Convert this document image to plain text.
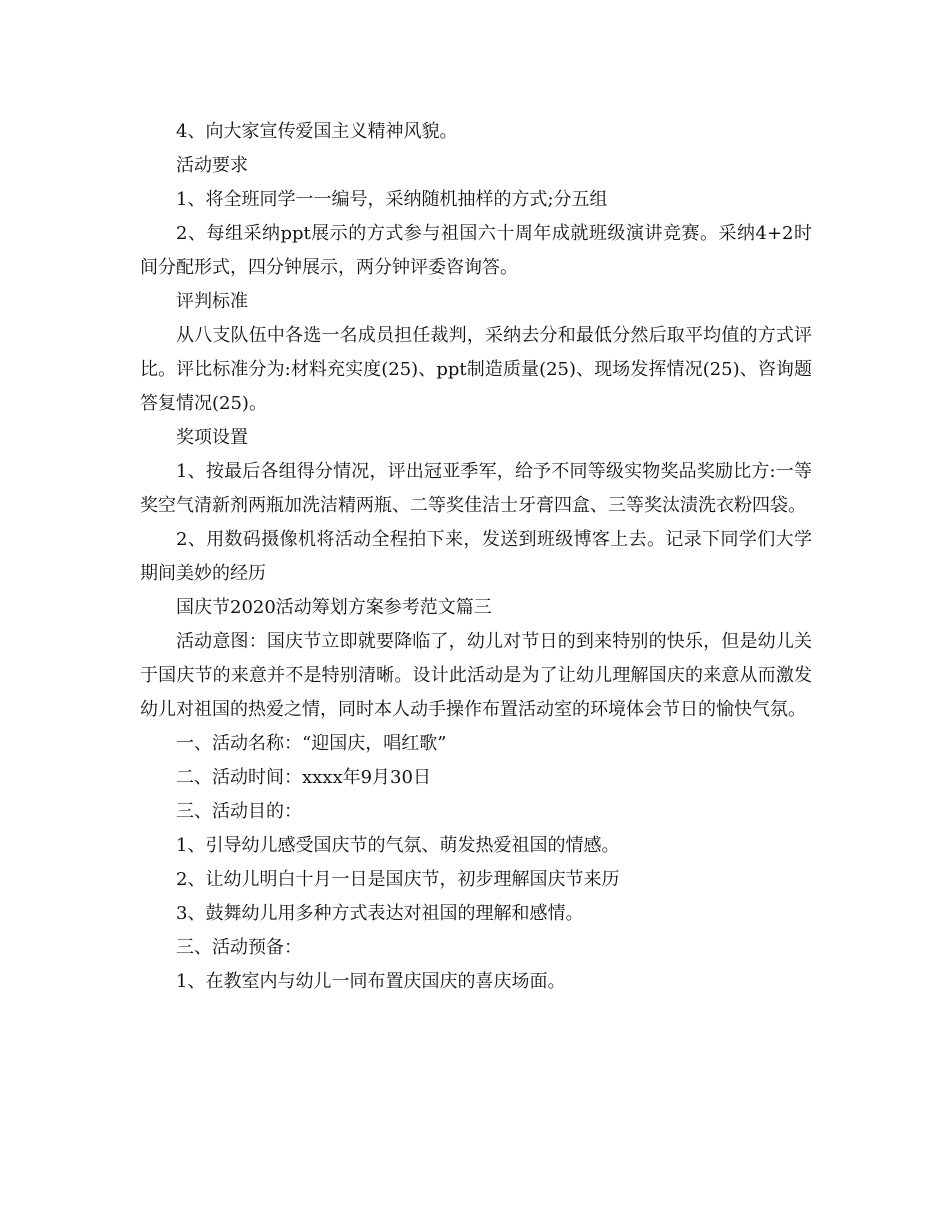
4、向大家宣传爱国主义精神风貌。

活动要求

1、将全班同学一一编号，采纳随机抽样的方式;分五组

2、每组采纳ppt展示的方式参与祖国六十周年成就班级演讲竞赛。采纳4+2时间分配形式，四分钟展示，两分钟评委咨询答。

评判标准

从八支队伍中各选一名成员担任裁判，采纳去分和最低分然后取平均值的方式评比。评比标准分为:材料充实度(25)、ppt制造质量(25)、现场发挥情况(25)、咨询题答复情况(25)。

奖项设置

1、按最后各组得分情况，评出冠亚季军，给予不同等级实物奖品奖励比方:一等奖空气清新剂两瓶加洗洁精两瓶、二等奖佳洁士牙膏四盒、三等奖汰渍洗衣粉四袋。

2、用数码摄像机将活动全程拍下来，发送到班级博客上去。记录下同学们大学期间美妙的经历

国庆节2020活动筹划方案参考范文篇三

活动意图：国庆节立即就要降临了，幼儿对节日的到来特别的快乐，但是幼儿关于国庆节的来意并不是特别清晰。设计此活动是为了让幼儿理解国庆的来意从而激发幼儿对祖国的热爱之情，同时本人动手操作布置活动室的环境体会节日的愉快气氛。

一、活动名称：“迎国庆，唱红歌”

二、活动时间：xxxx年9月30日

三、活动目的：

1、引导幼儿感受国庆节的气氛、萌发热爱祖国的情感。

2、让幼儿明白十月一日是国庆节，初步理解国庆节来历

3、鼓舞幼儿用多种方式表达对祖国的理解和感情。

三、活动预备：

1、在教室内与幼儿一同布置庆国庆的喜庆场面。
